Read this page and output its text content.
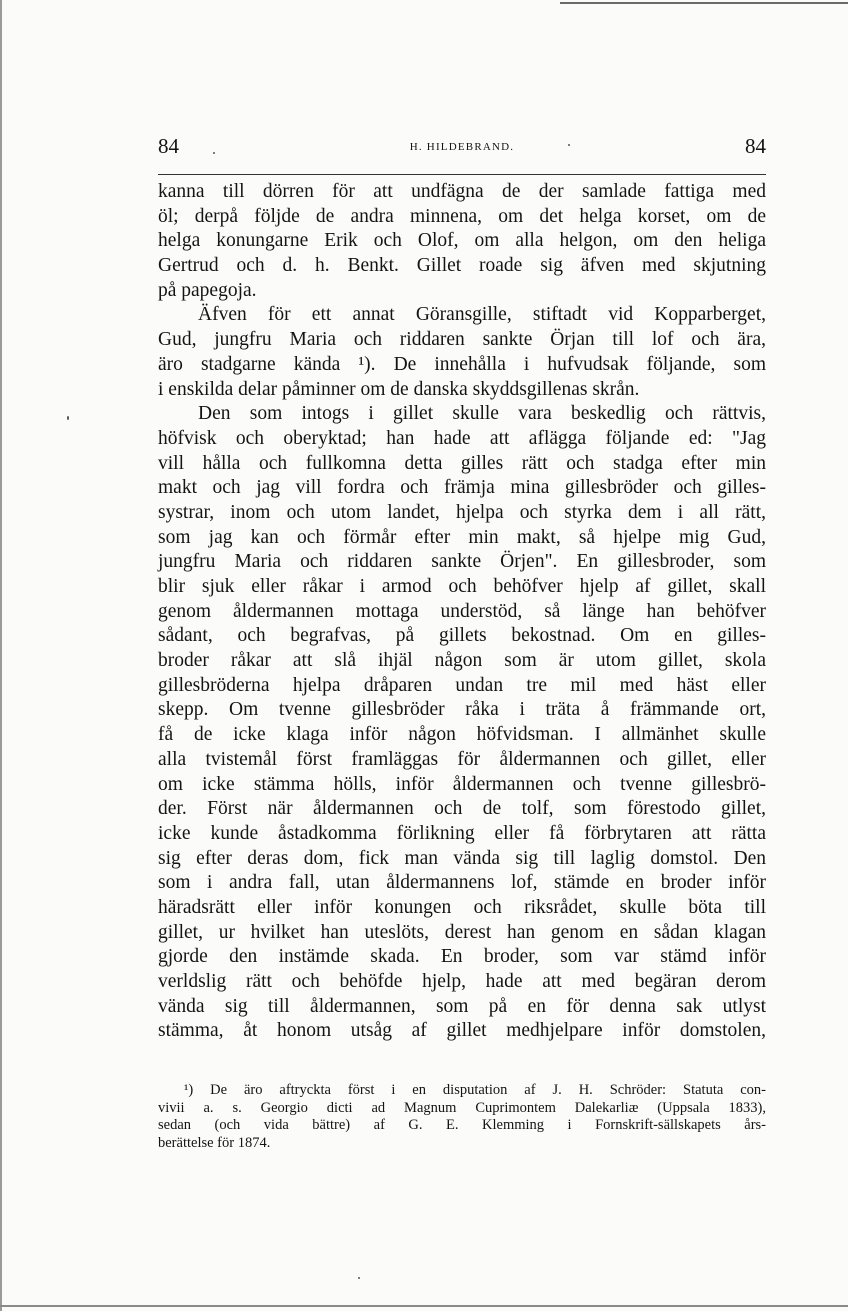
84	H. HILDEBRAND.	84
kanna till dörren för att undfägna de der samlade fattiga med
öl; derpå följde de andra minnena, om det helga korset, om de
helga konungarne Erik och Olof, om alla helgon, om den heliga
Gertrud och d. h. Benkt. Gillet roade sig äfven med skjutning
på papegoja.
Äfven för ett annat Göransgille, stiftadt vid Kopparberget,
Gud, jungfru Maria och riddaren sankte Örjan till lof och ära,
äro stadgarne kända ¹). De innehålla i hufvudsak följande, som
i enskilda delar påminner om de danska skyddsgillenas skrån.
Den som intogs i gillet skulle vara beskedlig och rättvis,
höfvisk och oberyktad; han hade att aflägga följande ed: "Jag
vill hålla och fullkomna detta gilles rätt och stadga efter min
makt och jag vill fordra och främja mina gillesbröder och gilles-
systrar, inom och utom landet, hjelpa och styrka dem i all rätt,
som jag kan och förmår efter min makt, så hjelpe mig Gud,
jungfru Maria och riddaren sankte Örjen". En gillesbroder, som
blir sjuk eller råkar i armod och behöfver hjelp af gillet, skall
genom åldermannen mottaga understöd, så länge han behöfver
sådant, och begrafvas, på gillets bekostnad. Om en gilles-
broder råkar att slå ihjäl någon som är utom gillet, skola
gillesbröderna hjelpa dråparen undan tre mil med häst eller
skepp. Om tvenne gillesbröder råka i träta å främmande ort,
få de icke klaga inför någon höfvidsman. I allmänhet skulle
alla tvistemål först framläggas för åldermannen och gillet, eller
om icke stämma hölls, inför åldermannen och tvenne gillesbrö-
der. Först när åldermannen och de tolf, som förestodo gillet,
icke kunde åstadkomma förlikning eller få förbrytaren att rätta
sig efter deras dom, fick man vända sig till laglig domstol. Den
som i andra fall, utan åldermannens lof, stämde en broder inför
häradsrätt eller inför konungen och riksrådet, skulle böta till
gillet, ur hvilket han uteslöts, derest han genom en sådan klagan
gjorde den instämde skada. En broder, som var stämd inför
verldslig rätt och behöfde hjelp, hade att med begäran derom
vända sig till åldermannen, som på en för denna sak utlyst
stämma, åt honom utsåg af gillet medhjelpare inför domstolen,
¹) De äro aftryckta först i en disputation af J. H. Schröder: Statuta con-
vivii a. s. Georgio dicti ad Magnum Cuprimontem Dalekarliæ (Uppsala 1833),
sedan (och vida bättre) af G. E. Klemming i Fornskrift-sällskapets års-
berättelse för 1874.
